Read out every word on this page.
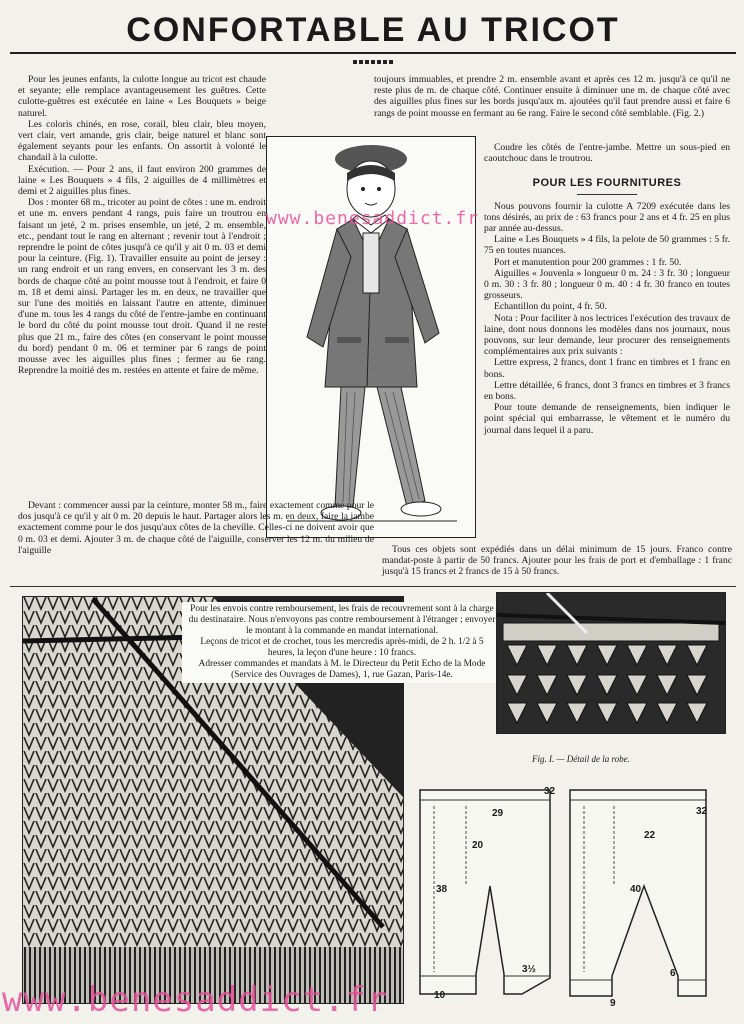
CONFORTABLE AU TRICOT

Pour les jeunes enfants, la culotte longue au tricot est chaude et seyante; elle remplace avantageusement les guêtres. Cette culotte-guêtres est exécutée en laine « Les Bouquets » beige naturel.

Les coloris chinés, en rose, corail, bleu clair, bleu moyen, vert clair, vert amande, gris clair, beige naturel et blanc sont également seyants pour les enfants. On assortit à volonté le chandail à la culotte.

Exécution. — Pour 2 ans, il faut environ 200 grammes de laine « Les Bouquets » 4 fils, 2 aiguilles de 4 millimètres et demi et 2 aiguilles plus fines.

Dos : monter 68 m., tricoter au point de côtes : une m. endroit et une m. envers pendant 4 rangs, puis faire un troutrou en faisant un jeté, 2 m. prises ensemble, un jeté, 2 m. ensemble, etc., pendant tout le rang en alternant ; revenir tout à l'endroit ; reprendre le point de côtes jusqu'à ce qu'il y ait 0 m. 03 et demi pour la ceinture. (Fig. 1). Travailler ensuite au point de jersey : un rang endroit et un rang envers, en conservant les 3 m. des bords de chaque côté au point mousse tout à l'endroit, et faire 0 m. 18 et demi ainsi. Partager les m. en deux, ne travailler que sur l'une des moitiés en laissant l'autre en attente, diminuer d'une m. tous les 4 rangs du côté de l'entre-jambe en continuant le bord du côté du point mousse tout droit. Quand il ne reste plus que 21 m., faire des côtes (en conservant le point mousse du bord) pendant 0 m. 06 et terminer par 6 rangs de point mousse avec les aiguilles plus fines ; fermer au 6e rang. Reprendre la moitié des m. restées en attente et faire de même.

toujours immuables, et prendre 2 m. ensemble avant et après ces 12 m. jusqu'à ce qu'il ne reste plus de m. de chaque côté. Continuer ensuite à diminuer une m. de chaque côté avec des aiguilles plus fines sur les bords jusqu'aux m. ajoutées qu'il faut prendre aussi et faire 6 rangs de point mousse en fermant au 6e rang. Faire le second côté semblable. (Fig. 2.)

Coudre les côtés de l'entre-jambe. Mettre un sous-pied en caoutchouc dans le troutrou.

POUR LES FOURNITURES

Nous pouvons fournir la culotte A 7209 exécutée dans les tons désirés, au prix de : 63 francs pour 2 ans et 4 fr. 25 en plus par année au-dessus.

Laine « Les Bouquets » 4 fils, la pelote de 50 grammes : 5 fr. 75 en toutes nuances.

Port et manutention pour 200 grammes : 1 fr. 50.

Aiguilles « Jouvenla » longueur 0 m. 24 : 3 fr. 30 ; longueur 0 m. 30 : 3 fr. 80 ; longueur 0 m. 40 : 4 fr. 30 franco en toutes grosseurs.

Echantillon du point, 4 fr. 50.

Nota : Pour faciliter à nos lectrices l'exécution des travaux de laine, dont nous donnons les modèles dans nos journaux, nous pouvons, sur leur demande, leur procurer des renseignements complémentaires aux prix suivants :

Lettre express, 2 francs, dont 1 franc en timbres et 1 franc en bons.

Lettre détaillée, 6 francs, dont 3 francs en timbres et 3 francs en bons.

Pour toute demande de renseignements, bien indiquer le point spécial qui embarrasse, le vêtement et le numéro du journal dans lequel il a paru.

Devant : commencer aussi par la ceinture, monter 58 m., faire exactement comme pour le dos jusqu'à ce qu'il y ait 0 m. 20 depuis le haut. Partager alors les m. en deux, faire la jambe exactement comme pour le dos jusqu'aux côtes de la cheville. Celles-ci ne doivent avoir que 0 m. 03 et demi. Ajouter 3 m. de chaque côté de l'aiguille, conserver les 12 m. du milieu de l'aiguille	Tous ces objets sont expédiés dans un délai minimum de 15 jours. Franco contre mandat-poste à partir de 50 francs. Ajouter pour les frais de port et d'emballage : 1 franc jusqu'à 15 francs et 2 francs de 15 à 50 francs.

Pour les envois contre remboursement, les frais de recouvrement sont à la charge du destinataire. Nous n'envoyons pas contre remboursement à l'étranger ; envoyer le montant à la commande en mandat international.

Leçons de tricot et de crochet, tous les mercredis après-midi, de 2 h. 1/2 à 5 heures, la leçon d'une heure : 10 francs.

Adresser commandes et mandats à M. le Directeur du Petit Echo de la Mode (Service des Ouvrages de Dames), 1, rue Gazan, Paris-14e.

Fig. I. — Détail de la robe.
32
29
20
38
3½
10
32
22
40
6
9
www.benesaddict.fr
www.benesaddict.fr
